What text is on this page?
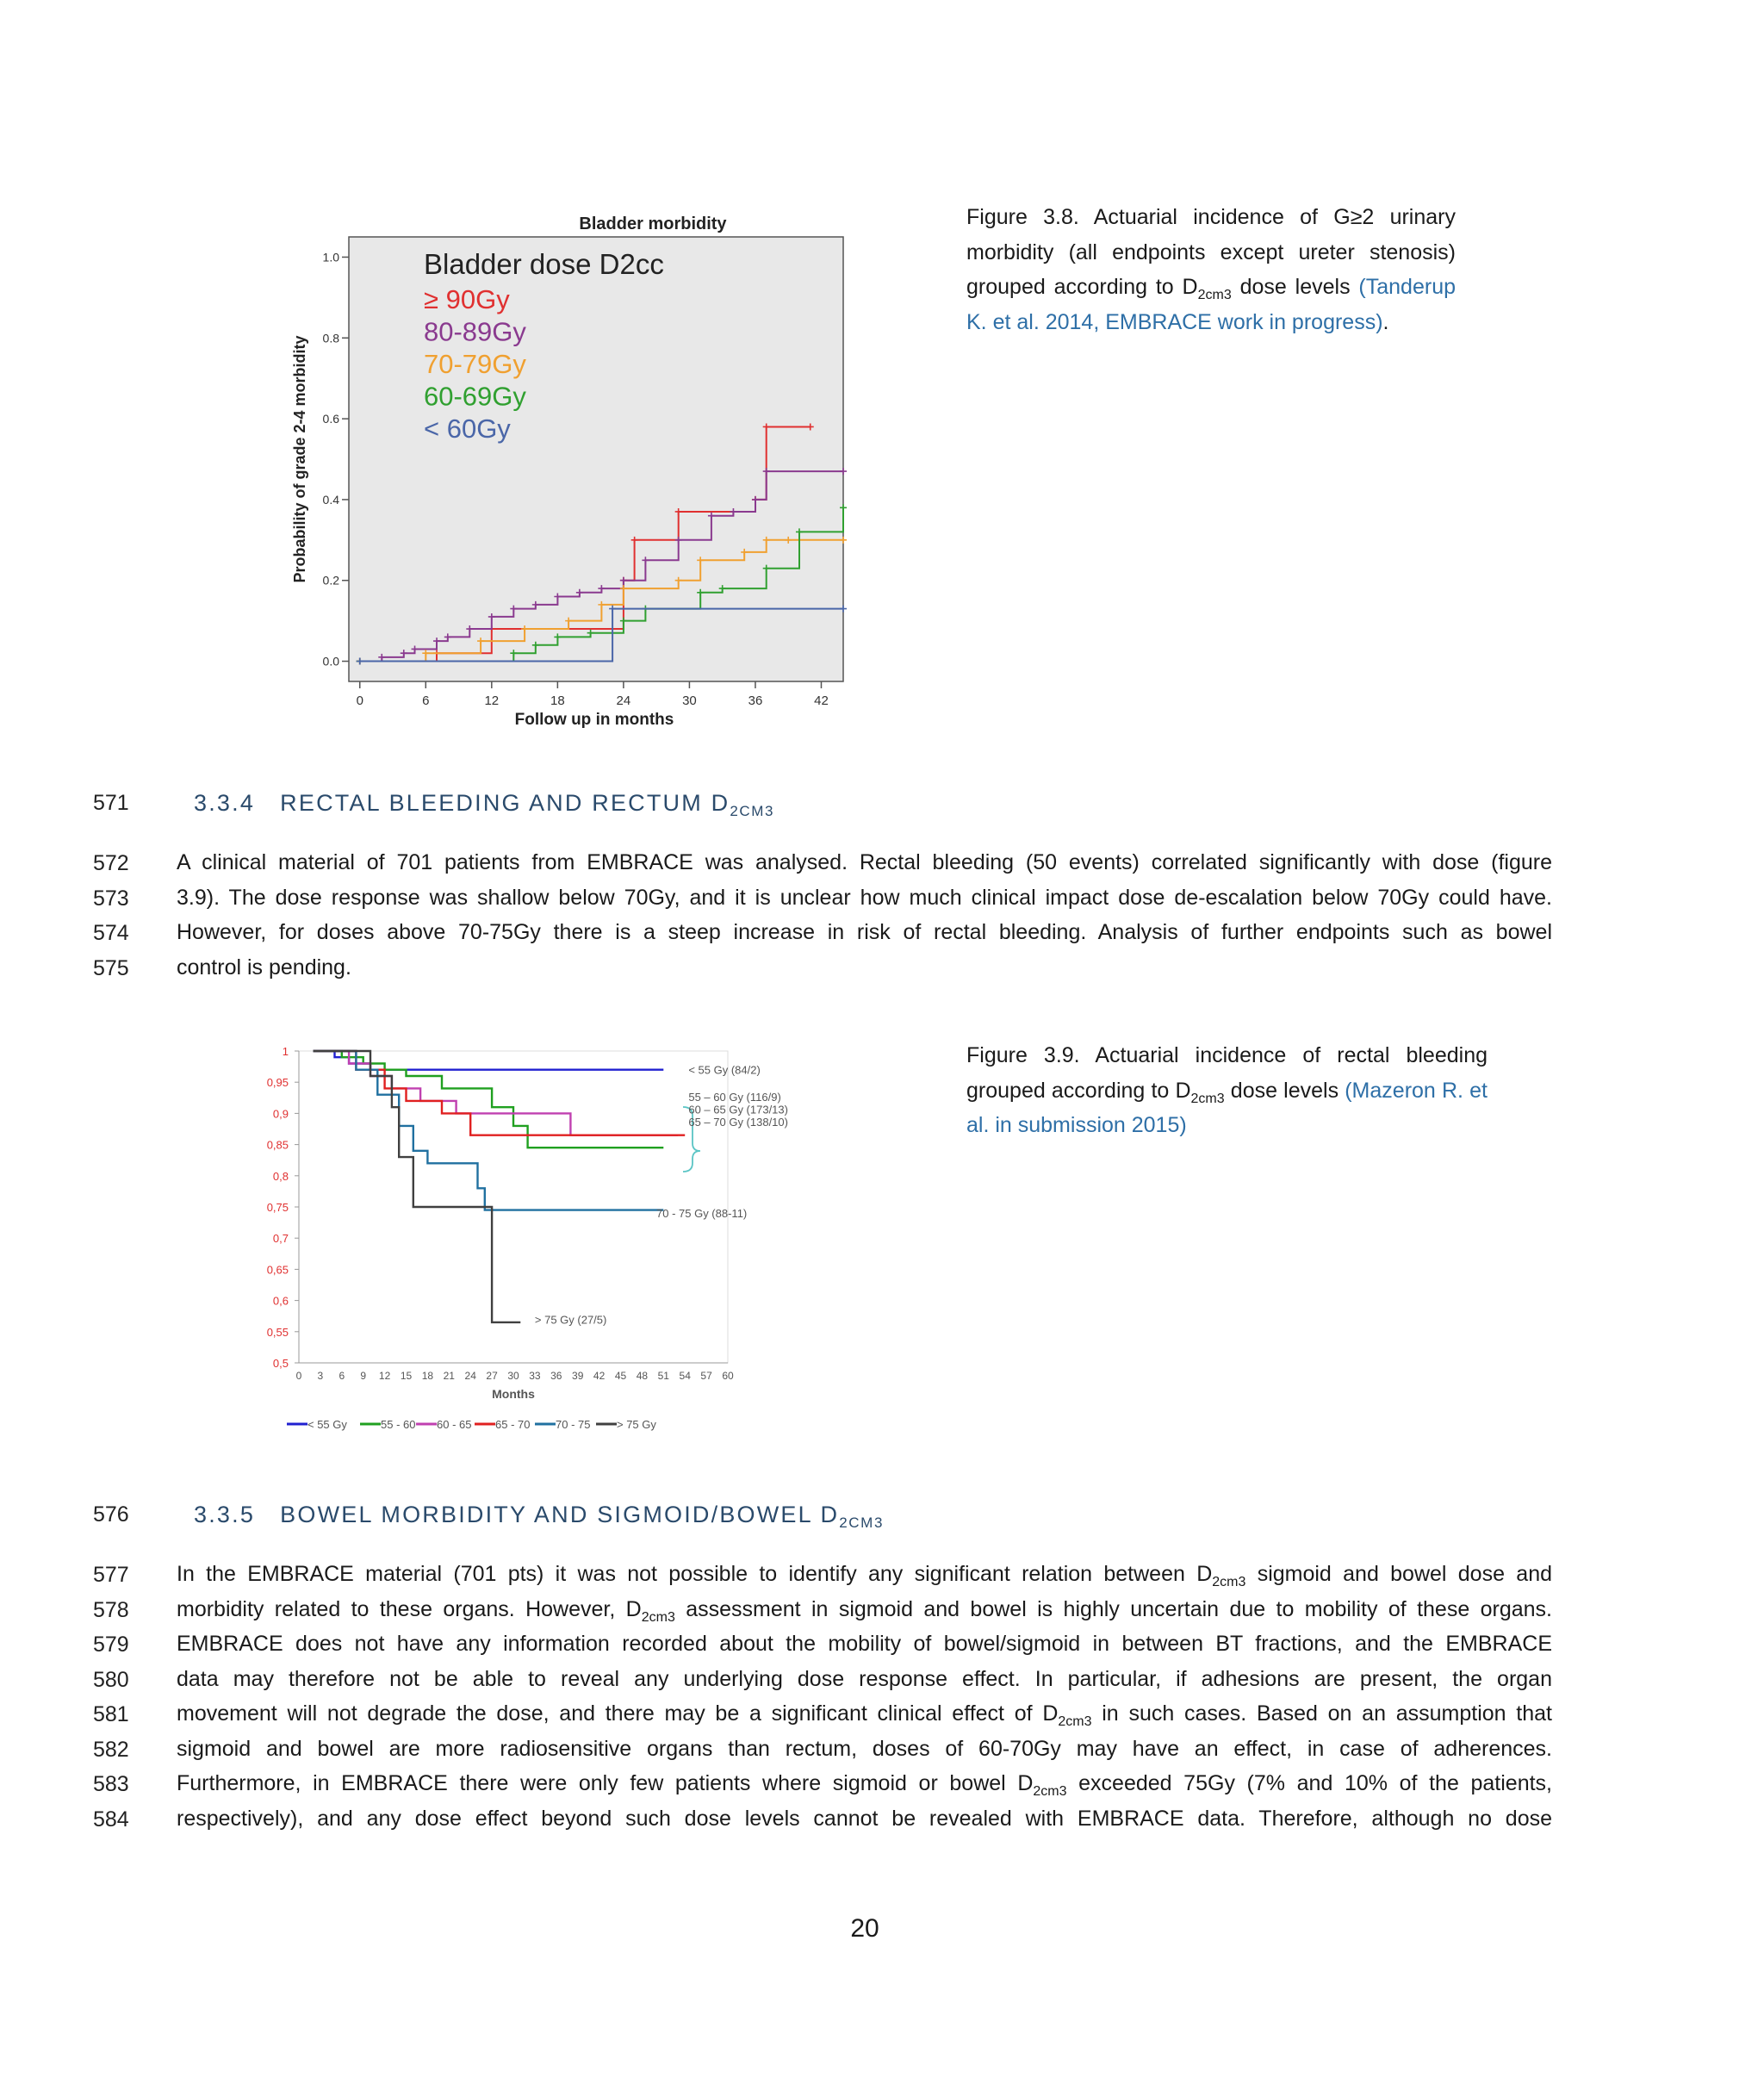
Bladder morbidity
Probability of grade 2-4 morbidity
Follow up in months
0	6	12	18	24	30	36	42
0.0
0.2
0.4
0.6
0.8
1.0	Bladder dose D2cc
≥ 90Gy
80-89Gy
70-79Gy
60-69Gy
< 60Gy
Figure 3.8. Actuarial incidence of G≥2 urinary morbidity (all endpoints except ureter stenosis) grouped according to $D_{2cm3}$ dose levels (Tanderup K. et al. 2014, EMBRACE work in progress).
571	3.3.4 RECTAL BLEEDING AND RECTUM $D_{2CM3}$
572
573
574
575
A clinical material of 701 patients from EMBRACE was analysed. Rectal bleeding (50 events) correlated significantly with dose (figure
3.9). The dose response was shallow below 70Gy, and it is unclear how much clinical impact dose de-escalation below 70Gy could have.
However, for doses above 70-75Gy there is a steep increase in risk of rectal bleeding. Analysis of further endpoints such as bowel
control is pending.
Months
1
0,95
0,9
0,85
0,8
0,75
0,7
0,65
0,6
0,55
0,5
0 3 6 9 12 15 18 21 24 27 30 33 36 39 42 45 48 51 54 57 60
< 55 Gy (84/2)
55 – 60 Gy (116/9)
60 – 65 Gy (173/13)
65 – 70 Gy (138/10)
70 - 75 Gy (88-11)
> 75 Gy (27/5)
< 55 Gy	55 - 60 60 - 65 65 - 70 70 - 75 > 75 Gy
Figure 3.9. Actuarial incidence of rectal bleeding grouped according to $D_{2cm3}$ dose levels (Mazeron R. et al. in submission 2015)
576	3.3.5 BOWEL MORBIDITY AND SIGMOID/BOWEL $D_{2CM3}$
577
578
579
580
581
582
583
584
In the EMBRACE material (701 pts) it was not possible to identify any significant relation between $D_{2cm3}$ sigmoid and bowel dose and
morbidity related to these organs. However, $D_{2cm3}$ assessment in sigmoid and bowel is highly uncertain due to mobility of these organs.
EMBRACE does not have any information recorded about the mobility of bowel/sigmoid in between BT fractions, and the EMBRACE
data may therefore not be able to reveal any underlying dose response effect. In particular, if adhesions are present, the organ
movement will not degrade the dose, and there may be a significant clinical effect of $D_{2cm3}$ in such cases. Based on an assumption that
sigmoid and bowel are more radiosensitive organs than rectum, doses of 60-70Gy may have an effect, in case of adherences.
Furthermore, in EMBRACE there were only few patients where sigmoid or bowel $D_{2cm3}$ exceeded 75Gy (7% and 10% of the patients,
respectively), and any dose effect beyond such dose levels cannot be revealed with EMBRACE data. Therefore, although no dose
20
